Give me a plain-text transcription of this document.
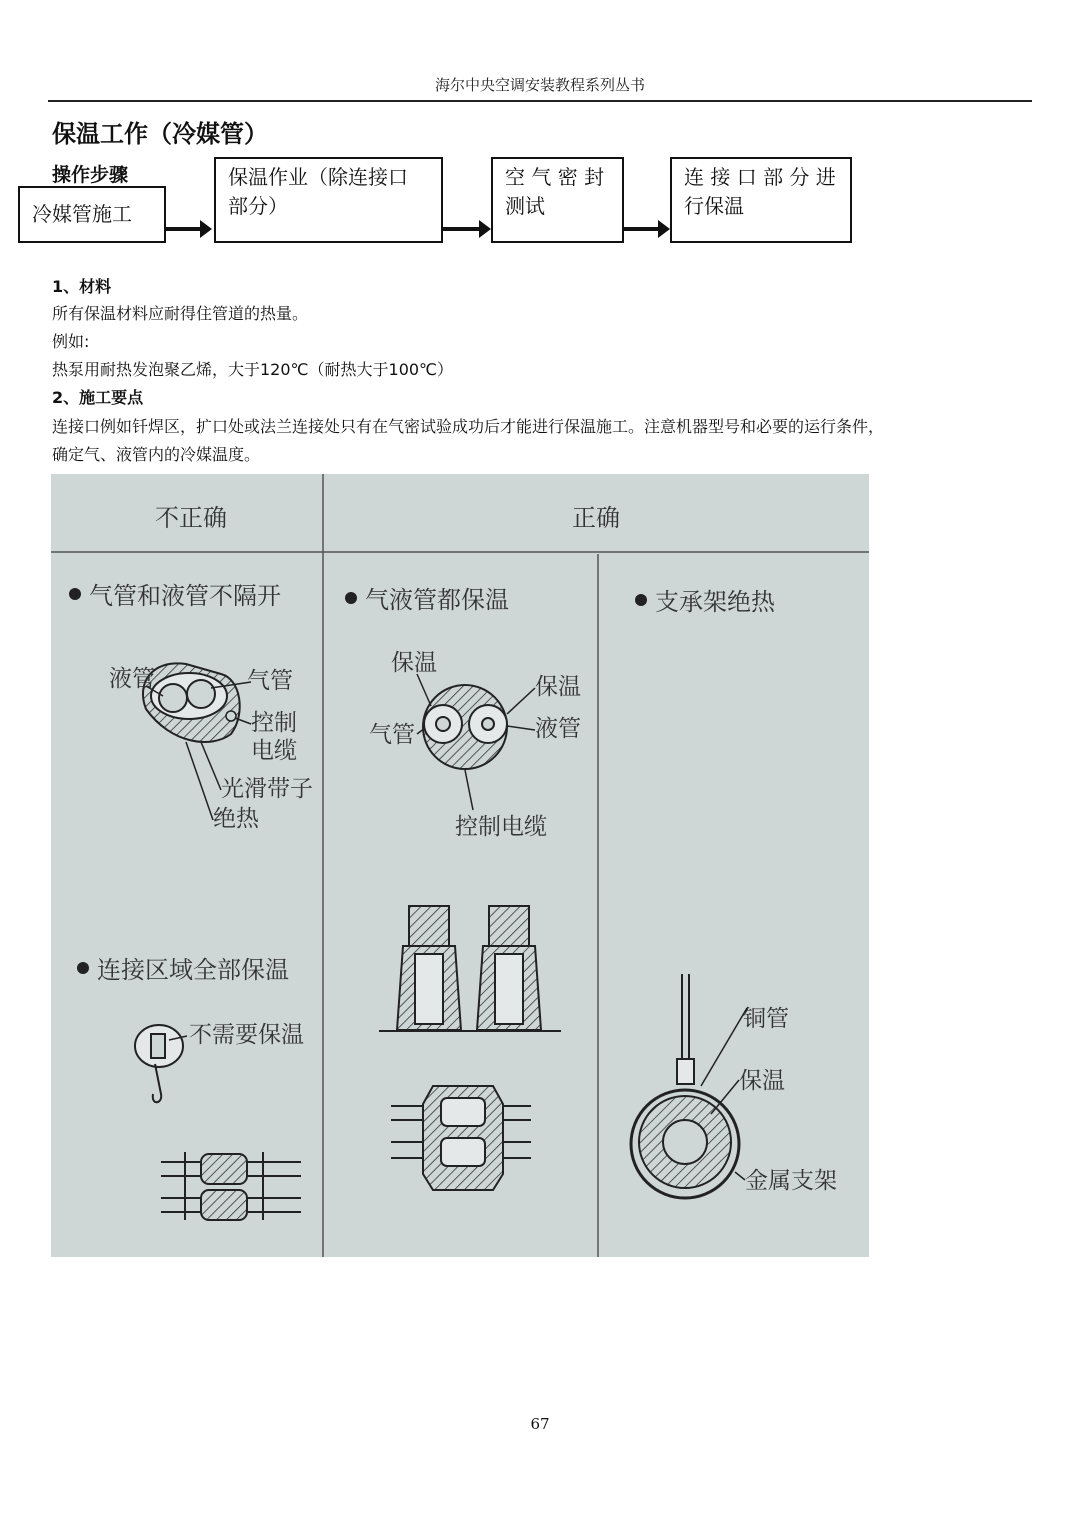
海尔中央空调安装教程系列丛书
保温工作（冷媒管）
操作步骤
冷媒管施工
保温作业（除连接口
部分）
空 气 密 封
测试
连 接 口 部 分 进
行保温
1、材料
所有保温材料应耐得住管道的热量。
例如:
热泵用耐热发泡聚乙烯，大于120℃（耐热大于100℃）
2、施工要点
连接口例如钎焊区，扩口处或法兰连接处只有在气密试验成功后才能进行保温施工。注意机器型号和必要的运行条件，
确定气、液管内的冷媒温度。
不正确	正确
气管和液管不隔开
液管	气管
控制
电缆
光滑带子
绝热
连接区域全部保温
不需要保温
气液管都保温
保温
保温
气管	液管
控制电缆
支承架绝热
铜管
保温
金属支架
67
